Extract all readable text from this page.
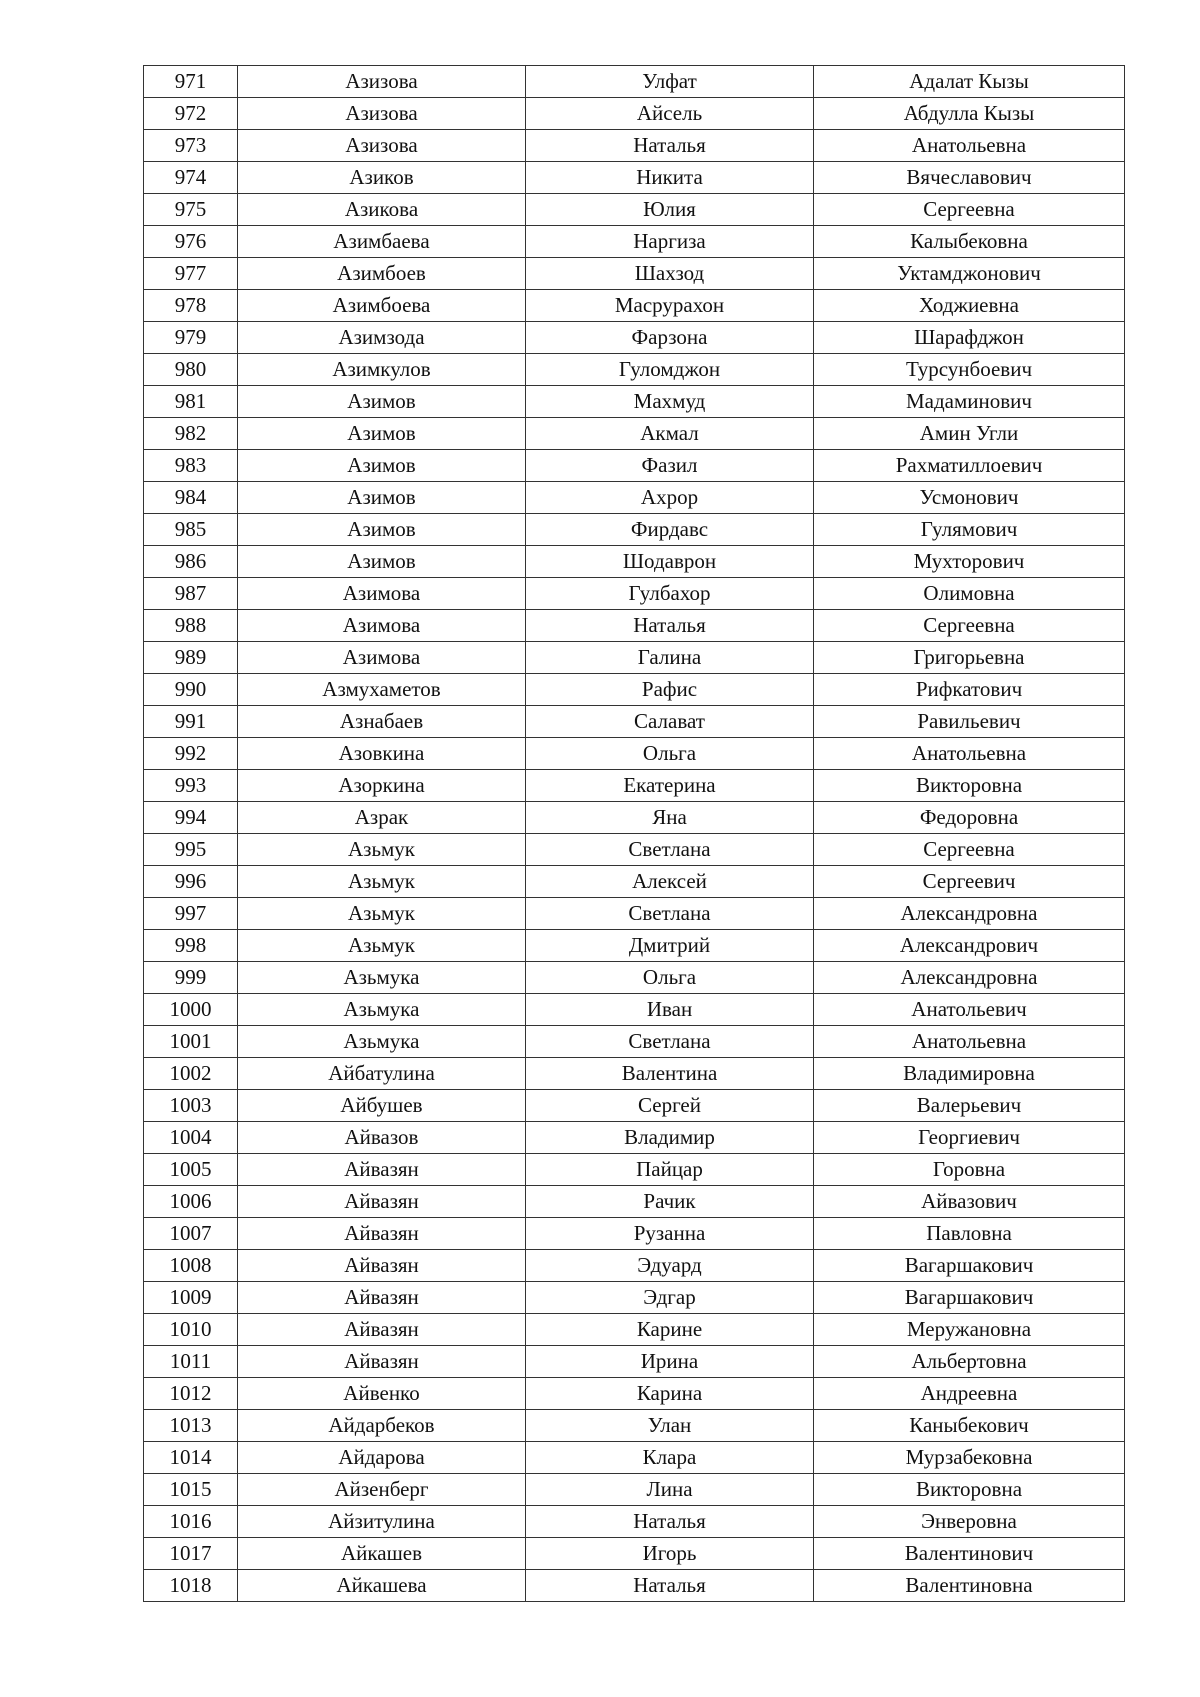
971	Азизова	Улфат	Адалат Кызы
972	Азизова	Айсель	Абдулла Кызы
973	Азизова	Наталья	Анатольевна
974	Азиков	Никита	Вячеславович
975	Азикова	Юлия	Сергеевна
976	Азимбаева	Наргиза	Калыбековна
977	Азимбоев	Шахзод	Уктамджонович
978	Азимбоева	Масрурахон	Ходжиевна
979	Азимзода	Фарзона	Шарафджон
980	Азимкулов	Гуломджон	Турсунбоевич
981	Азимов	Махмуд	Мадаминович
982	Азимов	Акмал	Амин Угли
983	Азимов	Фазил	Рахматиллоевич
984	Азимов	Ахрор	Усмонович
985	Азимов	Фирдавс	Гулямович
986	Азимов	Шодаврон	Мухторович
987	Азимова	Гулбахор	Олимовна
988	Азимова	Наталья	Сергеевна
989	Азимова	Галина	Григорьевна
990	Азмухаметов	Рафис	Рифкатович
991	Азнабаев	Салават	Равильевич
992	Азовкина	Ольга	Анатольевна
993	Азоркина	Екатерина	Викторовна
994	Азрак	Яна	Федоровна
995	Азьмук	Светлана	Сергеевна
996	Азьмук	Алексей	Сергеевич
997	Азьмук	Светлана	Александровна
998	Азьмук	Дмитрий	Александрович
999	Азьмука	Ольга	Александровна
1000	Азьмука	Иван	Анатольевич
1001	Азьмука	Светлана	Анатольевна
1002	Айбатулина	Валентина	Владимировна
1003	Айбушев	Сергей	Валерьевич
1004	Айвазов	Владимир	Георгиевич
1005	Айвазян	Пайцар	Горовна
1006	Айвазян	Рачик	Айвазович
1007	Айвазян	Рузанна	Павловна
1008	Айвазян	Эдуард	Вагаршакович
1009	Айвазян	Эдгар	Вагаршакович
1010	Айвазян	Карине	Меружановна
1011	Айвазян	Ирина	Альбертовна
1012	Айвенко	Карина	Андреевна
1013	Айдарбеков	Улан	Каныбекович
1014	Айдарова	Клара	Мурзабековна
1015	Айзенберг	Лина	Викторовна
1016	Айзитулина	Наталья	Энверовна
1017	Айкашев	Игорь	Валентинович
1018	Айкашева	Наталья	Валентиновна
